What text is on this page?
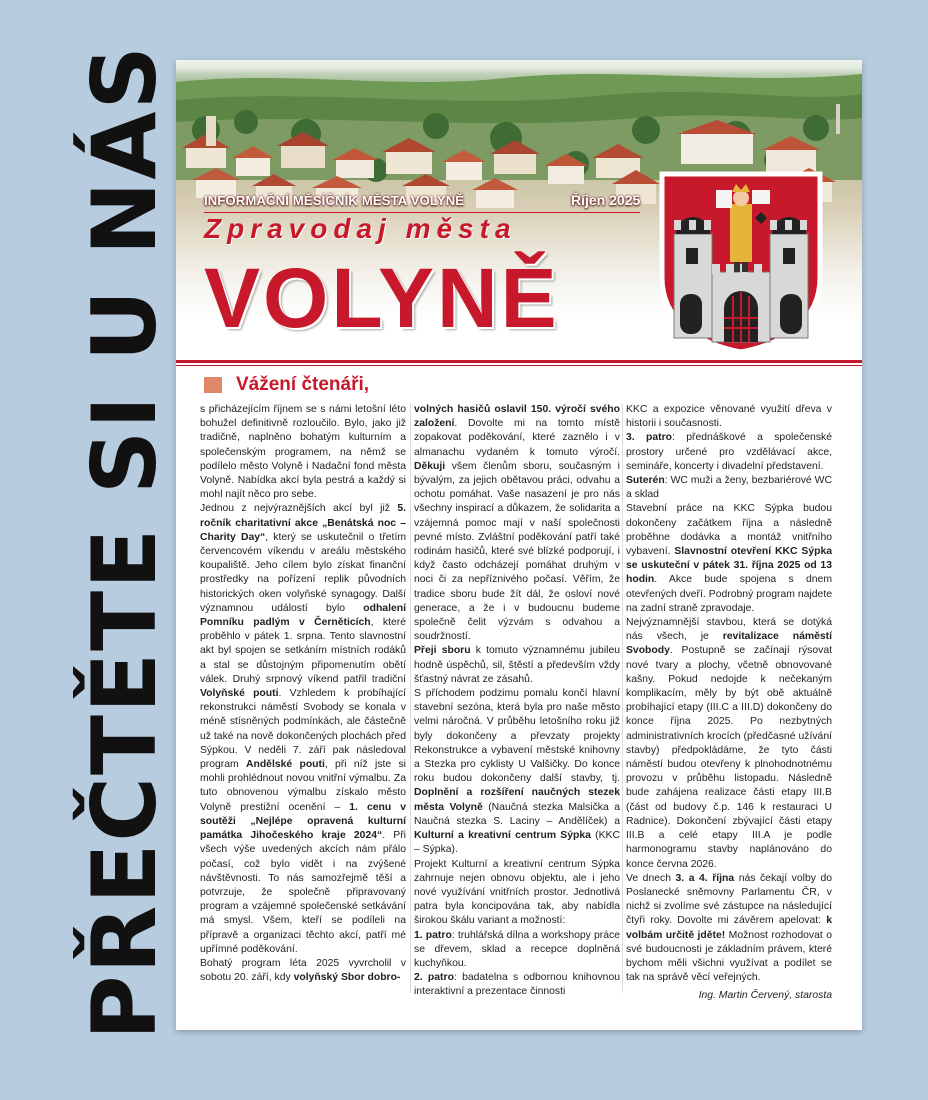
PŘEČTĚTE SI U NÁS	INFORMAČNÍ MĚSÍČNÍK MĚSTA VOLYNĚ	Říjen 2025
Zpravodaj města
VOLYNĚ
Vážení čtenáři,

s přicházejícím říjnem se s námi letošní léto bohužel definitivně rozloučilo. Bylo, jako již tradičně, naplněno bohatým kulturním a společenským programem, na němž se podílelo město Volyně i Nadační fond města Volyně. Nabídka akcí byla pestrá a každý si mohl najít něco pro sebe.

Jednou z nejvýraznějších akcí byl již 5. ročník charitativní akce „Benátská noc – Charity Day“, který se uskutečnil o třetím červencovém víkendu v areálu městského koupaliště. Jeho cílem bylo získat finanční prostředky na pořízení replik původních historických oken volyňské synagogy. Další významnou událostí bylo odhalení Pomníku padlým v Černěticích, které proběhlo v pátek 1. srpna. Tento slavnostní akt byl spojen se setkáním místních rodáků a stal se důstojným připomenutím obětí válek. Druhý srpnový víkend patřil tradiční Volyňské pouti. Vzhledem k probíhající rekonstrukci náměstí Svobody se konala v méně stísněných podmínkách, ale částečně už také na nově dokončených plochách před Sýpkou. V neděli 7. září pak následoval program Andělské pouti, při níž jste si mohli prohlédnout novou vnitřní výmalbu. Za tuto obnovenou výmalbu získalo město Volyně prestižní ocenění – 1. cenu v soutěži „Nejlépe opravená kulturní památka Jihočeského kraje 2024“. Při všech výše uvedených akcích nám přálo počasí, což bylo vidět i na zvýšené návštěvnosti. To nás samozřejmě těší a potvrzuje, že společně připravovaný program a vzájemné společenské setkávání má smysl. Všem, kteří se podíleli na přípravě a organizaci těchto akcí, patří mé upřímné poděkování.

Bohatý program léta 2025 vyvrcholil v sobotu 20. září, kdy volyňský Sbor dobro-

volných hasičů oslavil 150. výročí svého založení. Dovolte mi na tomto místě zopakovat poděkování, které zaznělo i v almanachu vydaném k tomuto výročí. Děkuji všem členům sboru, současným i bývalým, za jejich obětavou práci, odvahu a ochotu pomáhat. Vaše nasazení je pro nás všechny inspirací a důkazem, že solidarita a vzájemná pomoc mají v naší společnosti pevné místo. Zvláštní poděkování patří také rodinám hasičů, které své blízké podporují, i když často odcházejí pomáhat druhým v noci či za nepříznivého počasí. Věřím, že tradice sboru bude žít dál, že osloví nové generace, a že i v budoucnu budeme společně čelit výzvám s odvahou a soudržností.

Přeji sboru k tomuto významnému jubileu hodně úspěchů, sil, štěstí a především vždy šťastný návrat ze zásahů.

S příchodem podzimu pomalu končí hlavní stavební sezóna, která byla pro naše město velmi náročná. V průběhu letošního roku již byly dokončeny a převzaty projekty Rekonstrukce a vybavení městské knihovny a Stezka pro cyklisty U Valšičky. Do konce roku budou dokončeny další stavby, tj. Doplnění a rozšíření naučných stezek města Volyně (Naučná stezka Malsička a Naučná stezka S. Laciny – Andělíček) a Kulturní a kreativní centrum Sýpka (KKC – Sýpka).

Projekt Kulturní a kreativní centrum Sýpka zahrnuje nejen obnovu objektu, ale i jeho nové využívání vnitřních prostor. Jednotlivá patra byla koncipována tak, aby nabídla širokou škálu variant a možností:

1. patro: truhlářská dílna a workshopy práce se dřevem, sklad a recepce doplněná kuchyňkou.

2. patro: badatelna s odbornou knihovnou interaktivní a prezentace činnosti

KKC a expozice věnované využití dřeva v historii i současnosti.

3. patro: přednáškové a společenské prostory určené pro vzdělávací akce, semináře, koncerty i divadelní představení.

Suterén: WC muži a ženy, bezbariérové WC a sklad

Stavební práce na KKC Sýpka budou dokončeny začátkem října a následně proběhne dodávka a montáž vnitřního vybavení. Slavnostní otevření KKC Sýpka se uskuteční v pátek 31. října 2025 od 13 hodin. Akce bude spojena s dnem otevřených dveří. Podrobný program najdete na zadní straně zpravodaje.

Nejvýznamnější stavbou, která se dotýká nás všech, je revitalizace náměstí Svobody. Postupně se začínají rýsovat nové tvary a plochy, včetně obnovované kašny. Pokud nedojde k nečekaným komplikacím, měly by být obě aktuálně probíhající etapy (III.C a III.D) dokončeny do konce října 2025. Po nezbytných administrativních krocích (předčasné užívání stavby) předpokládáme, že tyto části náměstí budou otevřeny k plnohodnotnému provozu v průběhu listopadu. Následně bude zahájena realizace části etapy III.B (část od budovy č.p. 146 k restauraci U Radnice). Dokončení zbývající části etapy III.B a celé etapy III.A je podle harmonogramu stavby naplánováno do konce června 2026.

Ve dnech 3. a 4. října nás čekají volby do Poslanecké sněmovny Parlamentu ČR, v nichž si zvolíme své zástupce na následující čtyři roky. Dovolte mi závěrem apelovat: k volbám určitě jděte! Možnost rozhodovat o své budoucnosti je základním právem, které bychom měli všichni využívat a podílet se tak na správě věcí veřejných.

Ing. Martin Červený, starosta
